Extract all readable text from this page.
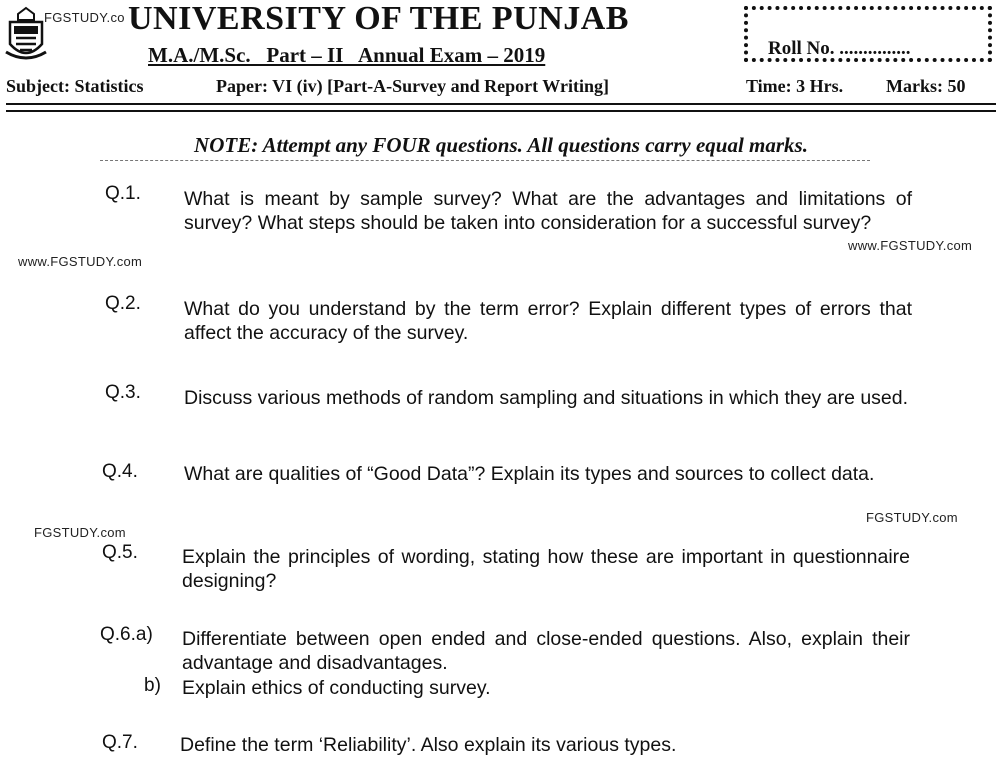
FGSTUDY.co UNIVERSITY OF THE PUNJAB
M.A./M.Sc.   Part – II   Annual Exam – 2019	Roll No. ...............
Subject: Statistics	Paper: VI (iv) [Part-A-Survey and Report Writing]	Time: 3 Hrs. Marks: 50
NOTE: Attempt any FOUR questions. All questions carry equal marks.
Q.1. What is meant by sample survey? What are the advantages and limitations of survey? What steps should be taken into consideration for a successful survey?
www.FGSTUDY.com
www.FGSTUDY.com
Q.2. What do you understand by the term error? Explain different types of errors that affect the accuracy of the survey.
Q.3. Discuss various methods of random sampling and situations in which they are used.
Q.4. What are qualities of “Good Data”? Explain its types and sources to collect data.
FGSTUDY.com
FGSTUDY.com
Q.5. Explain the principles of wording, stating how these are important in questionnaire designing?
Q.6.a) Differentiate between open ended and close-ended questions. Also, explain their advantage and disadvantages.
b) Explain ethics of conducting survey.
Q.7. Define the term ‘Reliability’. Also explain its various types.
